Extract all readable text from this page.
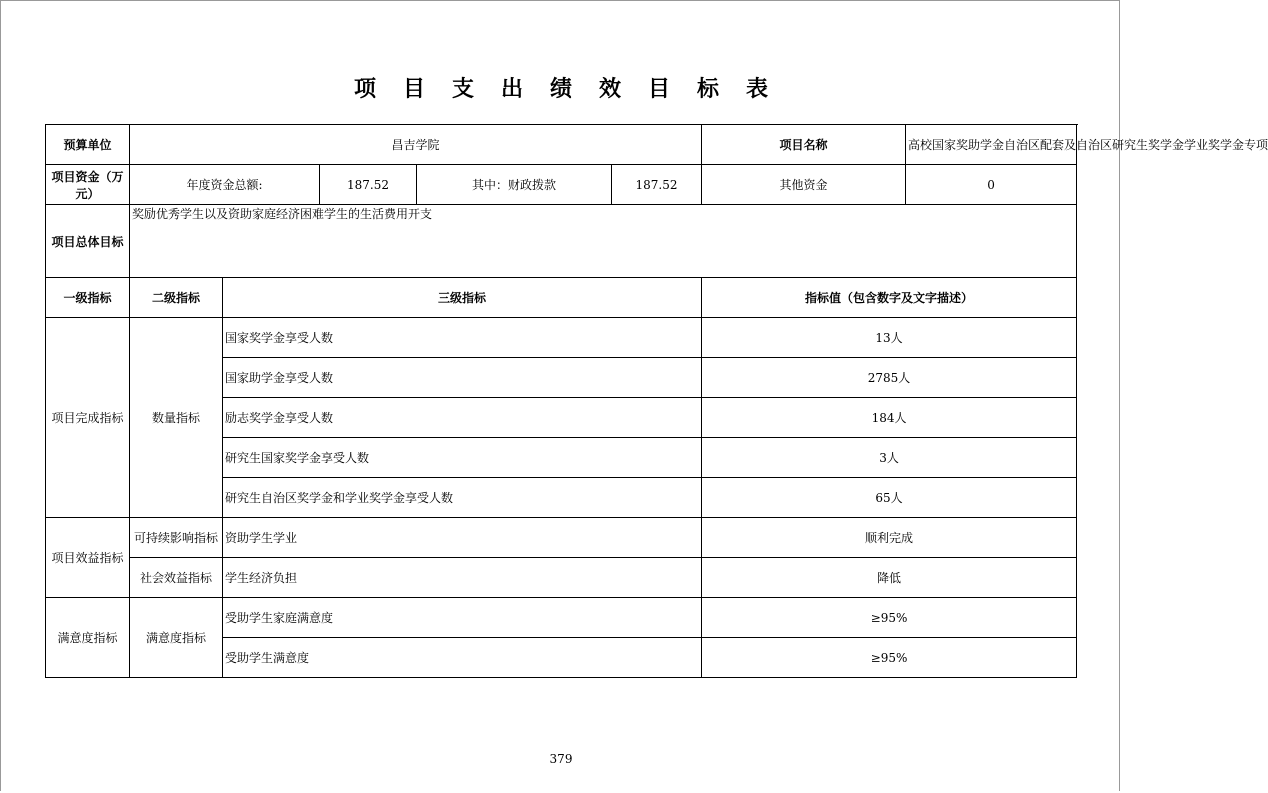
项目支出绩效目标表
预算单位	昌吉学院					项目名称	高校国家奖助学金自治区配套及自治区研究生奖学金学业奖学金专项
项目资金（万元）	年度资金总额:		187.52	其中：财政拨款	187.52	其他资金	0
项目总体目标	奖励优秀学生以及资助家庭经济困难学生的生活费用开支						
一级指标	二级指标	三级指标				指标值（包含数字及文字描述）	
项目完成指标	数量指标	国家奖学金享受人数				13人	
		国家助学金享受人数				2785人	
		励志奖学金享受人数				184人	
		研究生国家奖学金享受人数				3人	
		研究生自治区奖学金和学业奖学金享受人数				65人	
项目效益指标	可持续影响指标	资助学生学业				顺利完成	
	社会效益指标	学生经济负担				降低	
满意度指标	满意度指标	受助学生家庭满意度				≥95%	
		受助学生满意度				≥95%	
379
